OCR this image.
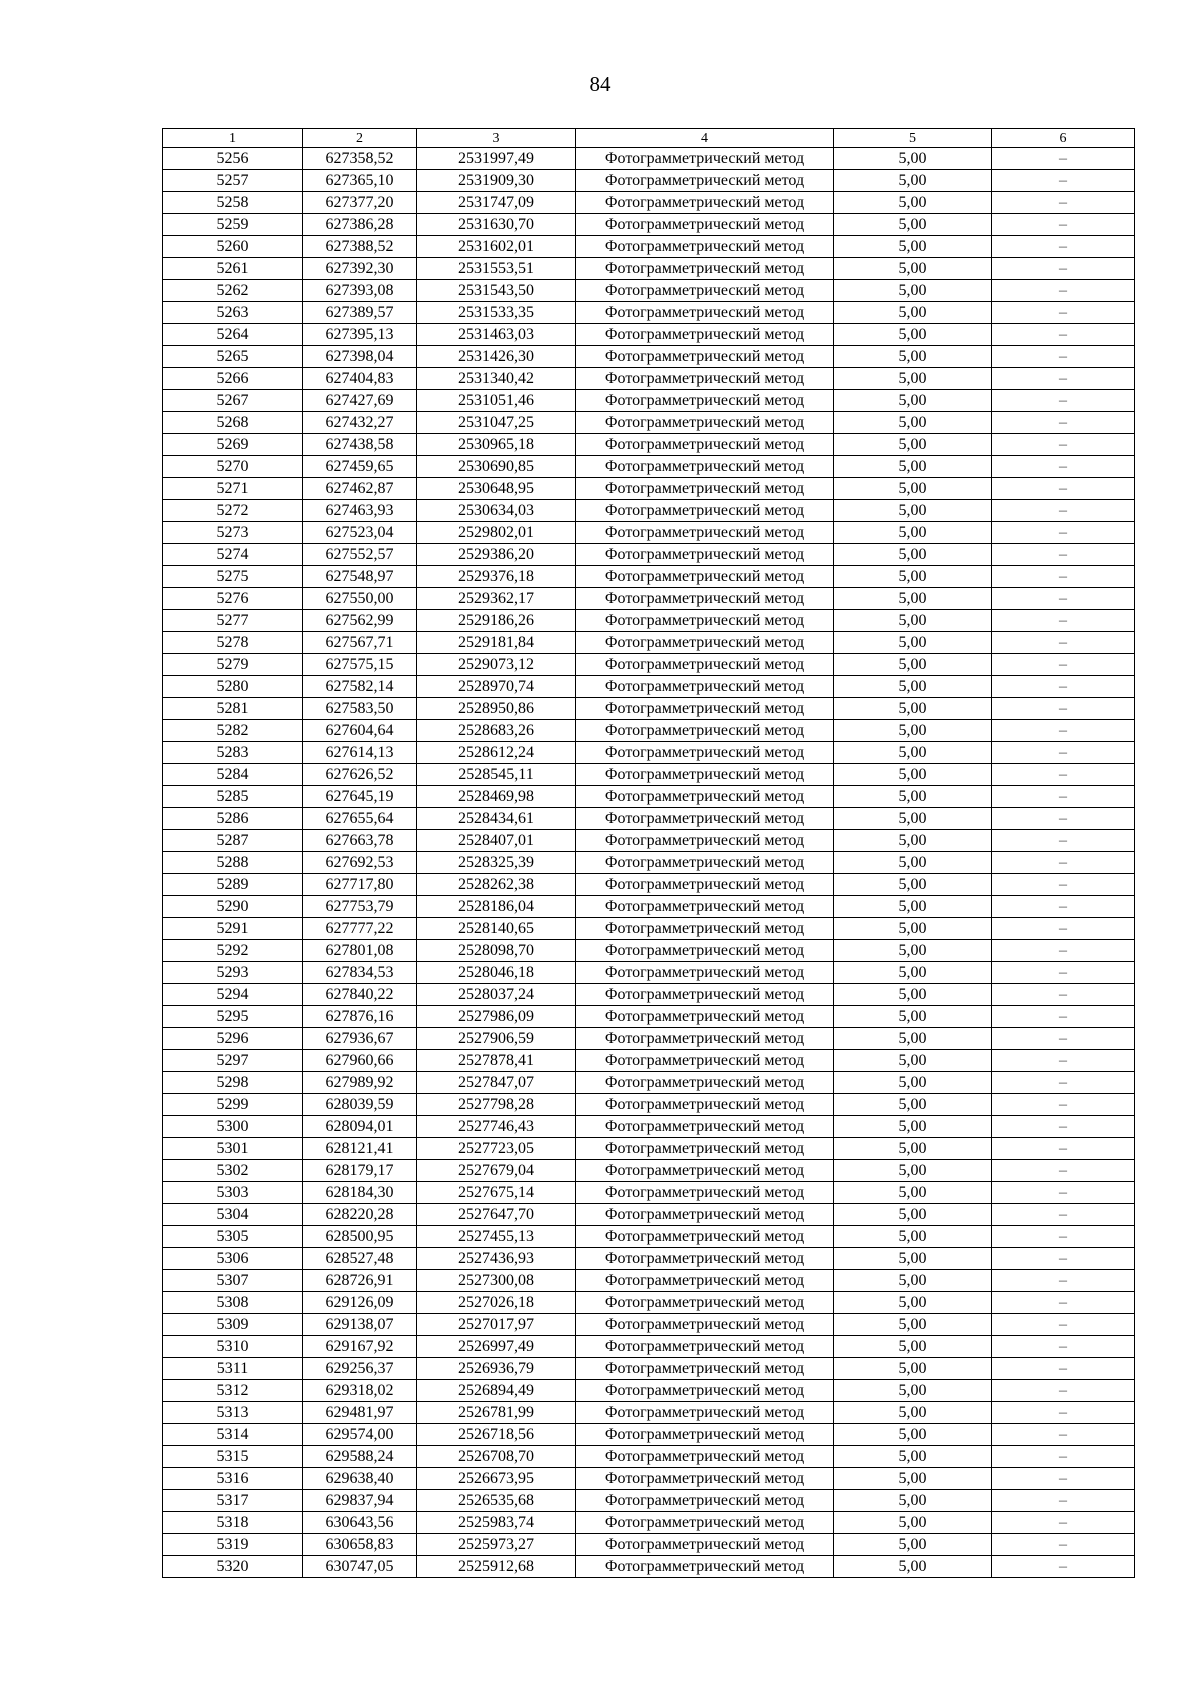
84
1	2	3	4	5	6
5256	627358,52	2531997,49	Фотограмметрический метод	5,00	–
5257	627365,10	2531909,30	Фотограмметрический метод	5,00	–
5258	627377,20	2531747,09	Фотограмметрический метод	5,00	–
5259	627386,28	2531630,70	Фотограмметрический метод	5,00	–
5260	627388,52	2531602,01	Фотограмметрический метод	5,00	–
5261	627392,30	2531553,51	Фотограмметрический метод	5,00	–
5262	627393,08	2531543,50	Фотограмметрический метод	5,00	–
5263	627389,57	2531533,35	Фотограмметрический метод	5,00	–
5264	627395,13	2531463,03	Фотограмметрический метод	5,00	–
5265	627398,04	2531426,30	Фотограмметрический метод	5,00	–
5266	627404,83	2531340,42	Фотограмметрический метод	5,00	–
5267	627427,69	2531051,46	Фотограмметрический метод	5,00	–
5268	627432,27	2531047,25	Фотограмметрический метод	5,00	–
5269	627438,58	2530965,18	Фотограмметрический метод	5,00	–
5270	627459,65	2530690,85	Фотограмметрический метод	5,00	–
5271	627462,87	2530648,95	Фотограмметрический метод	5,00	–
5272	627463,93	2530634,03	Фотограмметрический метод	5,00	–
5273	627523,04	2529802,01	Фотограмметрический метод	5,00	–
5274	627552,57	2529386,20	Фотограмметрический метод	5,00	–
5275	627548,97	2529376,18	Фотограмметрический метод	5,00	–
5276	627550,00	2529362,17	Фотограмметрический метод	5,00	–
5277	627562,99	2529186,26	Фотограмметрический метод	5,00	–
5278	627567,71	2529181,84	Фотограмметрический метод	5,00	–
5279	627575,15	2529073,12	Фотограмметрический метод	5,00	–
5280	627582,14	2528970,74	Фотограмметрический метод	5,00	–
5281	627583,50	2528950,86	Фотограмметрический метод	5,00	–
5282	627604,64	2528683,26	Фотограмметрический метод	5,00	–
5283	627614,13	2528612,24	Фотограмметрический метод	5,00	–
5284	627626,52	2528545,11	Фотограмметрический метод	5,00	–
5285	627645,19	2528469,98	Фотограмметрический метод	5,00	–
5286	627655,64	2528434,61	Фотограмметрический метод	5,00	–
5287	627663,78	2528407,01	Фотограмметрический метод	5,00	–
5288	627692,53	2528325,39	Фотограмметрический метод	5,00	–
5289	627717,80	2528262,38	Фотограмметрический метод	5,00	–
5290	627753,79	2528186,04	Фотограмметрический метод	5,00	–
5291	627777,22	2528140,65	Фотограмметрический метод	5,00	–
5292	627801,08	2528098,70	Фотограмметрический метод	5,00	–
5293	627834,53	2528046,18	Фотограмметрический метод	5,00	–
5294	627840,22	2528037,24	Фотограмметрический метод	5,00	–
5295	627876,16	2527986,09	Фотограмметрический метод	5,00	–
5296	627936,67	2527906,59	Фотограмметрический метод	5,00	–
5297	627960,66	2527878,41	Фотограмметрический метод	5,00	–
5298	627989,92	2527847,07	Фотограмметрический метод	5,00	–
5299	628039,59	2527798,28	Фотограмметрический метод	5,00	–
5300	628094,01	2527746,43	Фотограмметрический метод	5,00	–
5301	628121,41	2527723,05	Фотограмметрический метод	5,00	–
5302	628179,17	2527679,04	Фотограмметрический метод	5,00	–
5303	628184,30	2527675,14	Фотограмметрический метод	5,00	–
5304	628220,28	2527647,70	Фотограмметрический метод	5,00	–
5305	628500,95	2527455,13	Фотограмметрический метод	5,00	–
5306	628527,48	2527436,93	Фотограмметрический метод	5,00	–
5307	628726,91	2527300,08	Фотограмметрический метод	5,00	–
5308	629126,09	2527026,18	Фотограмметрический метод	5,00	–
5309	629138,07	2527017,97	Фотограмметрический метод	5,00	–
5310	629167,92	2526997,49	Фотограмметрический метод	5,00	–
5311	629256,37	2526936,79	Фотограмметрический метод	5,00	–
5312	629318,02	2526894,49	Фотограмметрический метод	5,00	–
5313	629481,97	2526781,99	Фотограмметрический метод	5,00	–
5314	629574,00	2526718,56	Фотограмметрический метод	5,00	–
5315	629588,24	2526708,70	Фотограмметрический метод	5,00	–
5316	629638,40	2526673,95	Фотограмметрический метод	5,00	–
5317	629837,94	2526535,68	Фотограмметрический метод	5,00	–
5318	630643,56	2525983,74	Фотограмметрический метод	5,00	–
5319	630658,83	2525973,27	Фотограмметрический метод	5,00	–
5320	630747,05	2525912,68	Фотограмметрический метод	5,00	–
